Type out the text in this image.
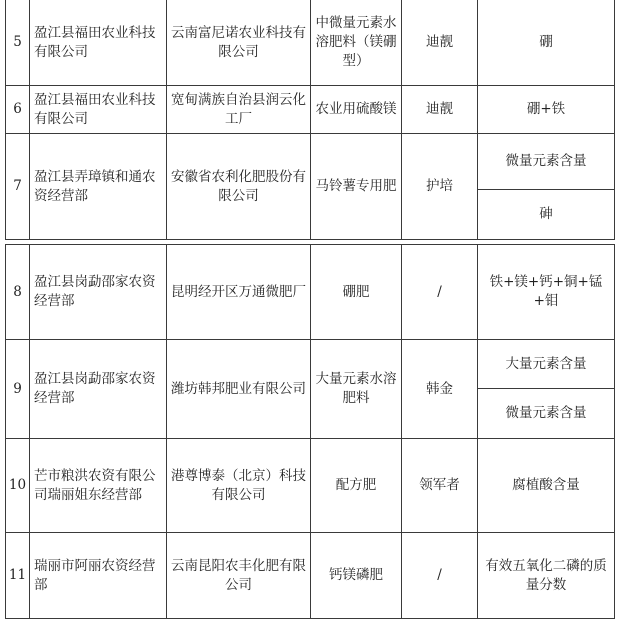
5	盈江县福田农业科技有限公司	云南富尼诺农业科技有限公司	中微量元素水溶肥料（镁硼型）	迪靓	硼
6	盈江县福田农业科技有限公司	宽甸满族自治县润云化工厂	农业用硫酸镁	迪靓	硼+铁
7	盈江县弄璋镇和通农资经营部	安徽省农利化肥股份有限公司	马铃薯专用肥	护培	微量元素含量
					砷
8	盈江县岗勐邵家农资经营部	昆明经开区万通微肥厂	硼肥	/	铁+镁+钙+铜+锰+钼
9	盈江县岗勐邵家农资经营部	潍坊韩邦肥业有限公司	大量元素水溶肥料	韩金	大量元素含量
					微量元素含量
10	芒市粮洪农资有限公司瑞丽姐东经营部	港尊博泰（北京）科技有限公司	配方肥	领军者	腐植酸含量
11	瑞丽市阿丽农资经营部	云南昆阳农丰化肥有限公司	钙镁磷肥	/	有效五氧化二磷的质量分数
